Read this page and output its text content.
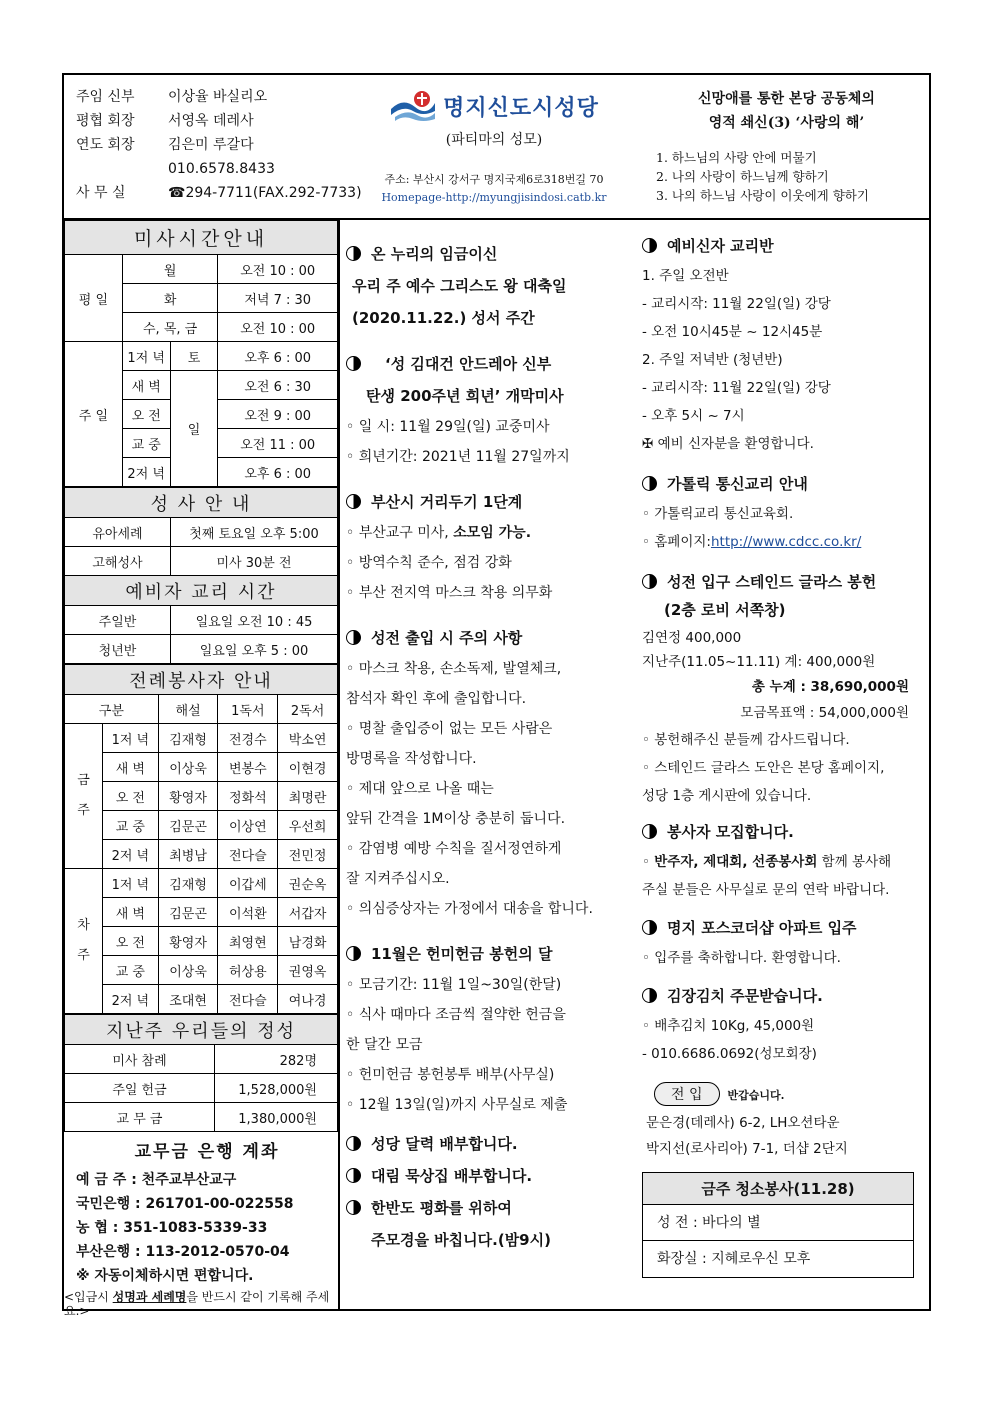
주임 신부	이상율 바실리오
평협 회장	서영옥 데레사
연도 회장	김은미 루갈다
010.6578.8433
사 무 실	☎294-7711(FAX.292-7733)
명지신도시성당
(파티마의 성모)
주소: 부산시 강서구 명지국제6로318번길 70
Homepage-http://myungjisindosi.catb.kr
신망애를 통한 본당 공동체의
영적 쇄신(3) ‘사랑의 해’
1. 하느님의 사랑 안에 머물기
2. 나의 사랑이 하느님께 향하기
3. 나의 하느님 사랑이 이웃에게 향하기
미사시간안내			
평 일	월		오전 10 : 00
	화		저녁 7 : 30
	수, 목, 금		오전 10 : 00
주 일	1저 녁	토	오후 6 : 00
	새 벽	일	오전 6 : 30
	오 전		오전 9 : 00
	교 중		오전 11 : 00
	2저 녁		오후 6 : 00
성 사 안 내	
유아세례	첫째 토요일 오후 5:00
고해성사	미사 30분 전
예비자 교리 시간	
주일반	일요일 오전 10 : 45
청년반	일요일 오후 5 : 00
전례봉사자 안내				
구분		해설	1독서	2독서
금 주	1저 녁	김재형	전경수	박소연
	새 벽	이상욱	변봉수	이현경
	오 전	황영자	정화석	최명란
	교 중	김문곤	이상연	우선희
	2저 녁	최병남	전다슬	전민정
차 주	1저 녁	김재형	이갑세	권순옥
	새 벽	김문곤	이석환	서갑자
	오 전	황영자	최영현	남경화
	교 중	이상욱	허상용	권영옥
	2저 녁	조대현	전다슬	여나경
지난주 우리들의 정성	
미사 참례	282명
주일 헌금	1,528,000원
교 무 금	1,380,000원
교무금 은행 계좌
예 금 주 : 천주교부산교구
국민은행 : 261701-00-022558
농 협 : 351-1083-5339-33
부산은행 : 113-2012-0570-04
※ 자동이체하시면 편합니다.
<입금시 성명과 세례명을 반드시 같이 기록해 주세요.>
온 누리의 임금이신
우리 주 예수 그리스도 왕 대축일
(2020.11.22.) 성서 주간
‘성 김대건 안드레아 신부
탄생 200주년 희년’ 개막미사
◦ 일 시: 11월 29일(일) 교중미사
◦ 희년기간: 2021년 11월 27일까지
부산시 거리두기 1단계
◦ 부산교구 미사, 소모임 가능.
◦ 방역수칙 준수, 점검 강화
◦ 부산 전지역 마스크 착용 의무화
성전 출입 시 주의 사항
◦ 마스크 착용, 손소독제, 발열체크,
참석자 확인 후에 출입합니다.
◦ 명찰 출입증이 없는 모든 사람은
방명록을 작성합니다.
◦ 제대 앞으로 나올 때는
앞뒤 간격을 1M이상 충분히 둡니다.
◦ 감염병 예방 수칙을 질서정연하게
잘 지켜주십시오.
◦ 의심증상자는 가정에서 대송을 합니다.
11월은 헌미헌금 봉헌의 달
◦ 모금기간: 11월 1일~30일(한달)
◦ 식사 때마다 조금씩 절약한 헌금을
한 달간 모금
◦ 헌미헌금 봉헌봉투 배부(사무실)
◦ 12월 13일(일)까지 사무실로 제출
성당 달력 배부합니다.
대림 묵상집 배부합니다.
한반도 평화를 위하여
주모경을 바칩니다.(밤9시)
예비신자 교리반
1. 주일 오전반
- 교리시작: 11월 22일(일) 강당
- 오전 10시45분 ~ 12시45분
2. 주일 저녁반 (청년반)
- 교리시작: 11월 22일(일) 강당
- 오후 5시 ~ 7시
✠ 예비 신자분을 환영합니다.
가톨릭 통신교리 안내
◦ 가톨릭교리 통신교육회.
◦ 홈페이지:http://www.cdcc.co.kr/
성전 입구 스테인드 글라스 봉헌
(2층 로비 서쪽창)
김연정 400,000
지난주(11.05~11.11) 계: 400,000원
총 누계 : 38,690,000원
모금목표액 : 54,000,000원
◦ 봉헌해주신 분들께 감사드립니다.
◦ 스테인드 글라스 도안은 본당 홈페이지,
성당 1층 게시판에 있습니다.
봉사자 모집합니다.
◦ 반주자, 제대회, 선종봉사회 함께 봉사해
주실 분들은 사무실로 문의 연락 바랍니다.
명지 포스코더샵 아파트 입주
◦ 입주를 축하합니다. 환영합니다.
김장김치 주문받습니다.
◦ 배추김치 10Kg, 45,000원
- 010.6686.0692(성모회장)
전 입 반갑습니다.
문은경(데레사) 6-2, LH오션타운
박지선(로사리아) 7-1, 더샵 2단지
금주 청소봉사(11.28)
성 전 : 바다의 별
화장실 : 지혜로우신 모후
